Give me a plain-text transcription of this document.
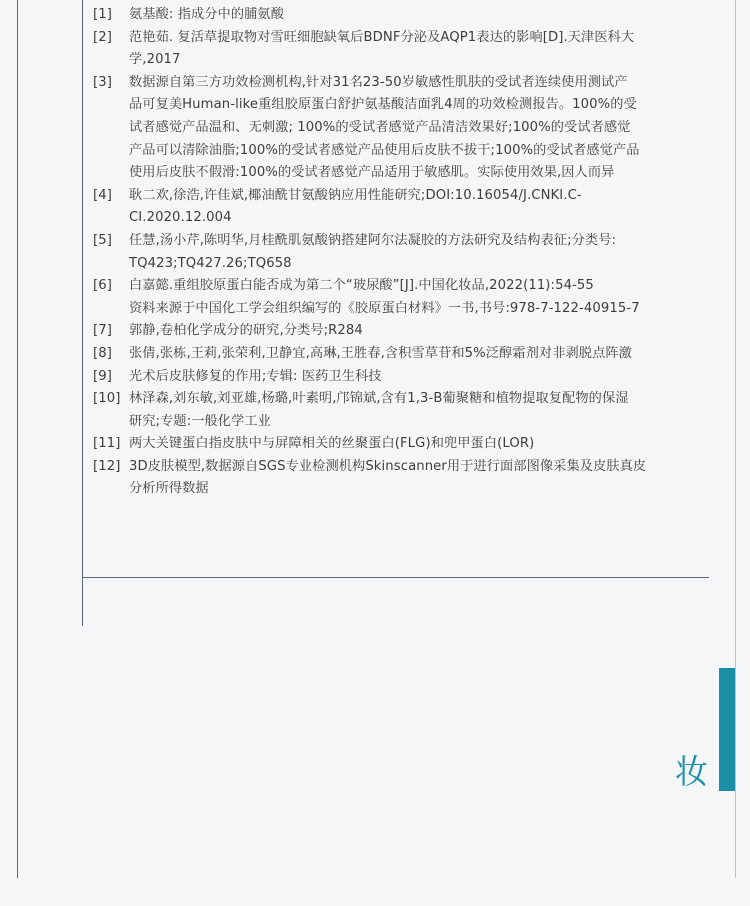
[1]	氨基酸: 指成分中的脯氨酸
[2]	范艳茹. 复活草提取物对雪旺细胞缺氧后BDNF分泌及AQP1表达的影响[D].天津医科大
学,2017
[3]	数据源自第三方功效检测机构,针对31名23-50岁敏感性肌肤的受试者连续使用测试产
品可复美Human-like重组胶原蛋白舒护氨基酸洁面乳4周的功效检测报告。100%的受
试者感觉产品温和、无刺激; 100%的受试者感觉产品清洁效果好;100%的受试者感觉
产品可以清除油脂;100%的受试者感觉产品使用后皮肤不拔干;100%的受试者感觉产品
使用后皮肤不假滑:100%的受试者感觉产品适用于敏感肌。实际使用效果,因人而异
[4]	耿二欢,徐浩,许佳斌,椰油酰甘氨酸钠应用性能研究;DOI:10.16054/J.CNKI.C-
CI.2020.12.004
[5]	任慧,汤小芹,陈明华,月桂酰肌氨酸钠搭建阿尔法凝胶的方法研究及结构表征;分类号:
TQ423;TQ427.26;TQ658
[6]	白嘉懿.重组胶原蛋白能否成为第二个“玻尿酸”[J].中国化妆品,2022(11):54-55
资料来源于中国化工学会组织编写的《胶原蛋白材料》一书,书号:978-7-122-40915-7
[7]	郭静,卷柏化学成分的研究,分类号;R284
[8]	张倩,张栋,王莉,张荣利,卫静宜,高琳,王胜春,含积雪草苷和5%泛醇霜剂对非剥脱点阵激
[9]	光术后皮肤修复的作用;专辑: 医药卫生科技
[10] 林泽森,刘东敏,刘亚雄,杨璐,叶素明,邝锦斌,含有1,3-B葡聚糖和植物提取复配物的保湿
研究;专题:一般化学工业
[11] 两大关键蛋白指皮肤中与屏障相关的丝聚蛋白(FLG)和兜甲蛋白(LOR)
[12] 3D皮肤模型,数据源自SGS专业检测机构Skinscanner用于进行面部图像采集及皮肤真皮
分析所得数据
妆
